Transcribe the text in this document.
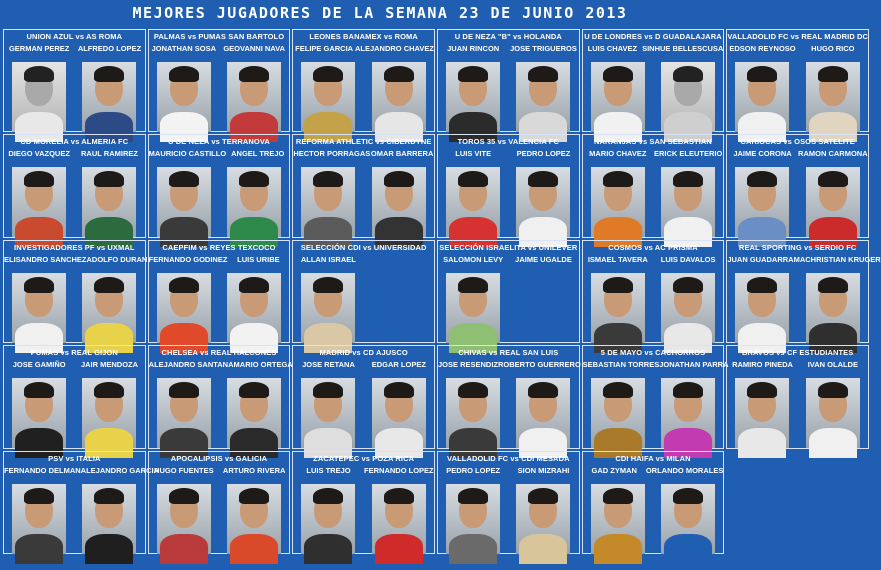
MEJORES JUGADORES DE LA SEMANA 23 DE JUNIO 2013
UNION AZUL vs AS ROMA
GERMAN PEREZ	ALFREDO LOPEZ
PALMAS vs PUMAS SAN BARTOLO
JONATHAN SOSA GEOVANNI NAVA
LEONES BANAMEX vs ROMA
FELIPE GARCIA ALEJANDRO CHAVEZ
U DE NEZA "B" vs HOLANDA
JUAN RINCON	JOSE TRIGUEROS
U DE LONDRES vs D GUADALAJARA
LUIS CHAVEZ SINHUE BELLESCUSA
VALLADOLID FC vs REAL MADRID DC
EDSON REYNOSO	HUGO RICO
CD MORELIA vs ALMERIA FC
DIEGO VAZQUEZ	RAUL RAMIREZ
U DE NEZA vs TERRANOVA
MAURICIO CASTILLO ANGEL TREJO
REFORMA ATHLETIC vs CIBERDYNE
HECTOR PORRAGAS OMAR BARRERA
TOROS 35 vs VALENCIA FC
LUIS VITE	PEDRO LOPEZ
NARANJAS vs SAN SEBASTIAN
MARIO CHAVEZ ERICK ELEUTERIO
CARIOCAS vs OSOS SATELITE
JAIME CORONA RAMON CARMONA
INVESTIGADORES PF vs UXMAL
ELISANDRO SANCHEZ ADOLFO DURAN
CAEPFIM vs REYES TEXCOCO
FERNANDO GODINEZ	LUIS URIBE
SELECCIÓN CDI vs UNIVERSIDAD
ALLAN ISRAEL
SELECCIÓN ISRAELITA vs UNILEVER
SALOMON LEVY	JAIME UGALDE
COSMOS vs AC PRISMA
ISMAEL TAVERA	LUIS DAVALOS
REAL SPORTING vs SERDIO FC
JUAN GUADARRAMA CHRISTIAN KRUGER
PUMAS vs REAL GIJON
JOSE GAMIÑO	JAIR MENDOZA
CHELSEA vs REAL HALCONES
ALEJANDRO SANTANA MARIO ORTEGA
MADRID vs CD AJUSCO
JOSE RETANA	EDGAR LOPEZ
CHIVAS vs REAL SAN LUIS
JOSE RESENDIZ ROBERTO GUERRERO
5 DE MAYO vs CACHORROS
SEBASTIAN TORRES JONATHAN PARRA
BRAVOS vs CF ESTUDIANTES
RAMIRO PINEDA	IVAN OLALDE
PSV vs ITALIA
FERNANDO DELMAN ALEJANDRO GARCIA
APOCALIPSIS vs GALICIA
HUGO FUENTES	ARTURO RIVERA
ZACATEPEC vs POZA RICA
LUIS TREJO	FERNANDO LOPEZ
VALLADOLID FC vs CDI MESADA
PEDRO LOPEZ	SION MIZRAHI
CDI HAIFA vs MILAN
GAD ZYMAN	ORLANDO MORALES
